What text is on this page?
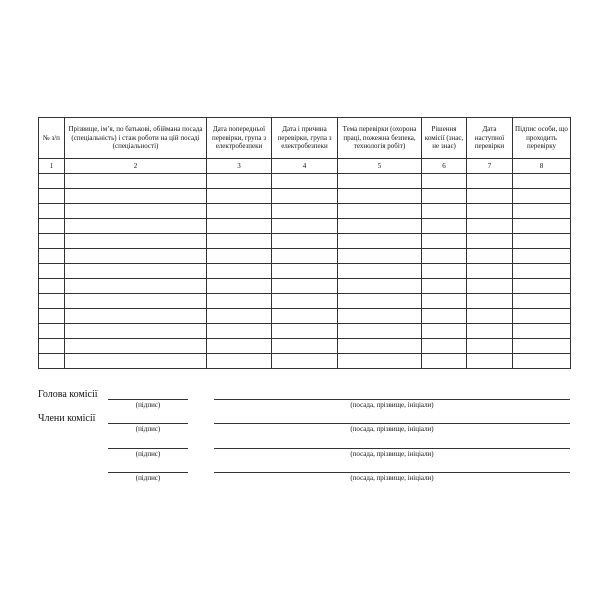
№ з/п	Прізвище, ім’я, по батькові, обіймана посада (спеціальність) і стаж роботи на цій посаді (спеціальності)	Дата попередньої перевірки, група з електробезпеки	Дата і причина перевірки, група з електробезпеки	Тема перевірки (охорона праці, пожежна безпека, технологія робіт)	Рішення комісії (знає, не знає)	Дата наступної перевірки	Підпис особи, що проходить перевірку
1	2	3	4	5	6	7	8

Голова комісії
(підпис)	(посада, прізвище, ініціали)
Члени комісії
(підпис)	(посада, прізвище, ініціали)
(підпис)	(посада, прізвище, ініціали)
(підпис)	(посада, прізвище, ініціали)
